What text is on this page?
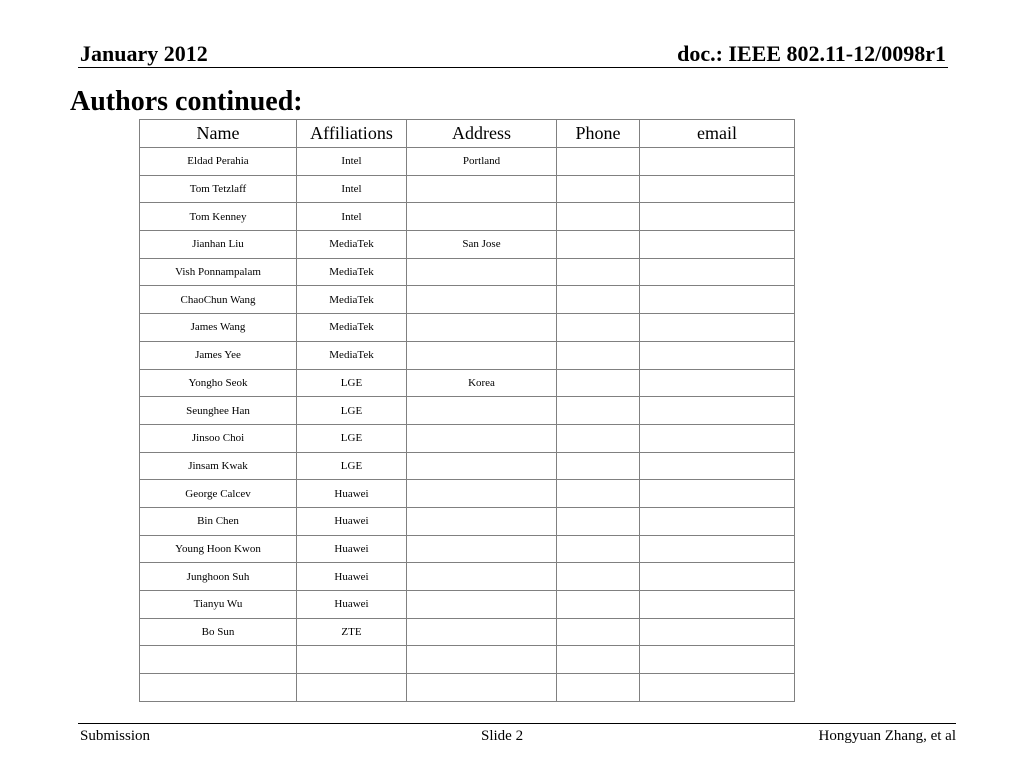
January 2012	doc.: IEEE 802.11-12/0098r1
Authors continued:
Name	Affiliations	Address	Phone	email
Eldad Perahia	Intel	Portland		
Tom Tetzlaff	Intel			
Tom Kenney	Intel			
Jianhan Liu	MediaTek	San Jose		
Vish Ponnampalam	MediaTek			
ChaoChun Wang	MediaTek			
James Wang	MediaTek			
James Yee	MediaTek			
Yongho Seok	LGE	Korea		
Seunghee Han	LGE			
Jinsoo Choi	LGE			
Jinsam Kwak	LGE			
George Calcev	Huawei			
Bin Chen	Huawei			
Young Hoon Kwon	Huawei			
Junghoon Suh	Huawei			
Tianyu Wu	Huawei			
Bo Sun	ZTE			

Submission	Slide 2	Hongyuan Zhang, et al
